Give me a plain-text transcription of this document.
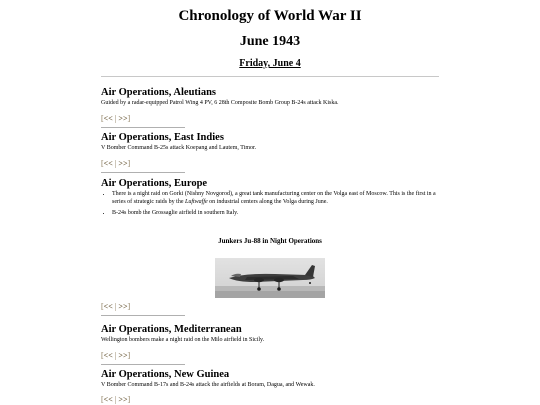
Chronology of World War II
June 1943
Friday, June 4

Air Operations, Aleutians

Guided by a radar-equipped Patrol Wing 4 PV, 6 28th Composite Bomb Group B-24s attack Kiska.

[<< | >>]

Air Operations, East Indies

V Bomber Command B-25s attack Koepang and Lautem, Timor.

[<< | >>]

Air Operations, Europe

• There is a night raid on Gorki (Nishny Novgorod), a great tank manufacturing center on the Volga east of Moscow. This is the first in a series of strategic raids by the Luftwaffe on industrial centers along the Volga during June.
• B-24s bomb the Grossaglie airfield in southern Italy.
Junkers Ju-88 in Night Operations
[<< | >>]

Air Operations, Mediterranean

Wellington bombers make a night raid on the Milo airfield in Sicily.

[<< | >>]

Air Operations, New Guinea

V Bomber Command B-17s and B-24s attack the airfields at Boram, Dagua, and Wewak.

[<< | >>]
